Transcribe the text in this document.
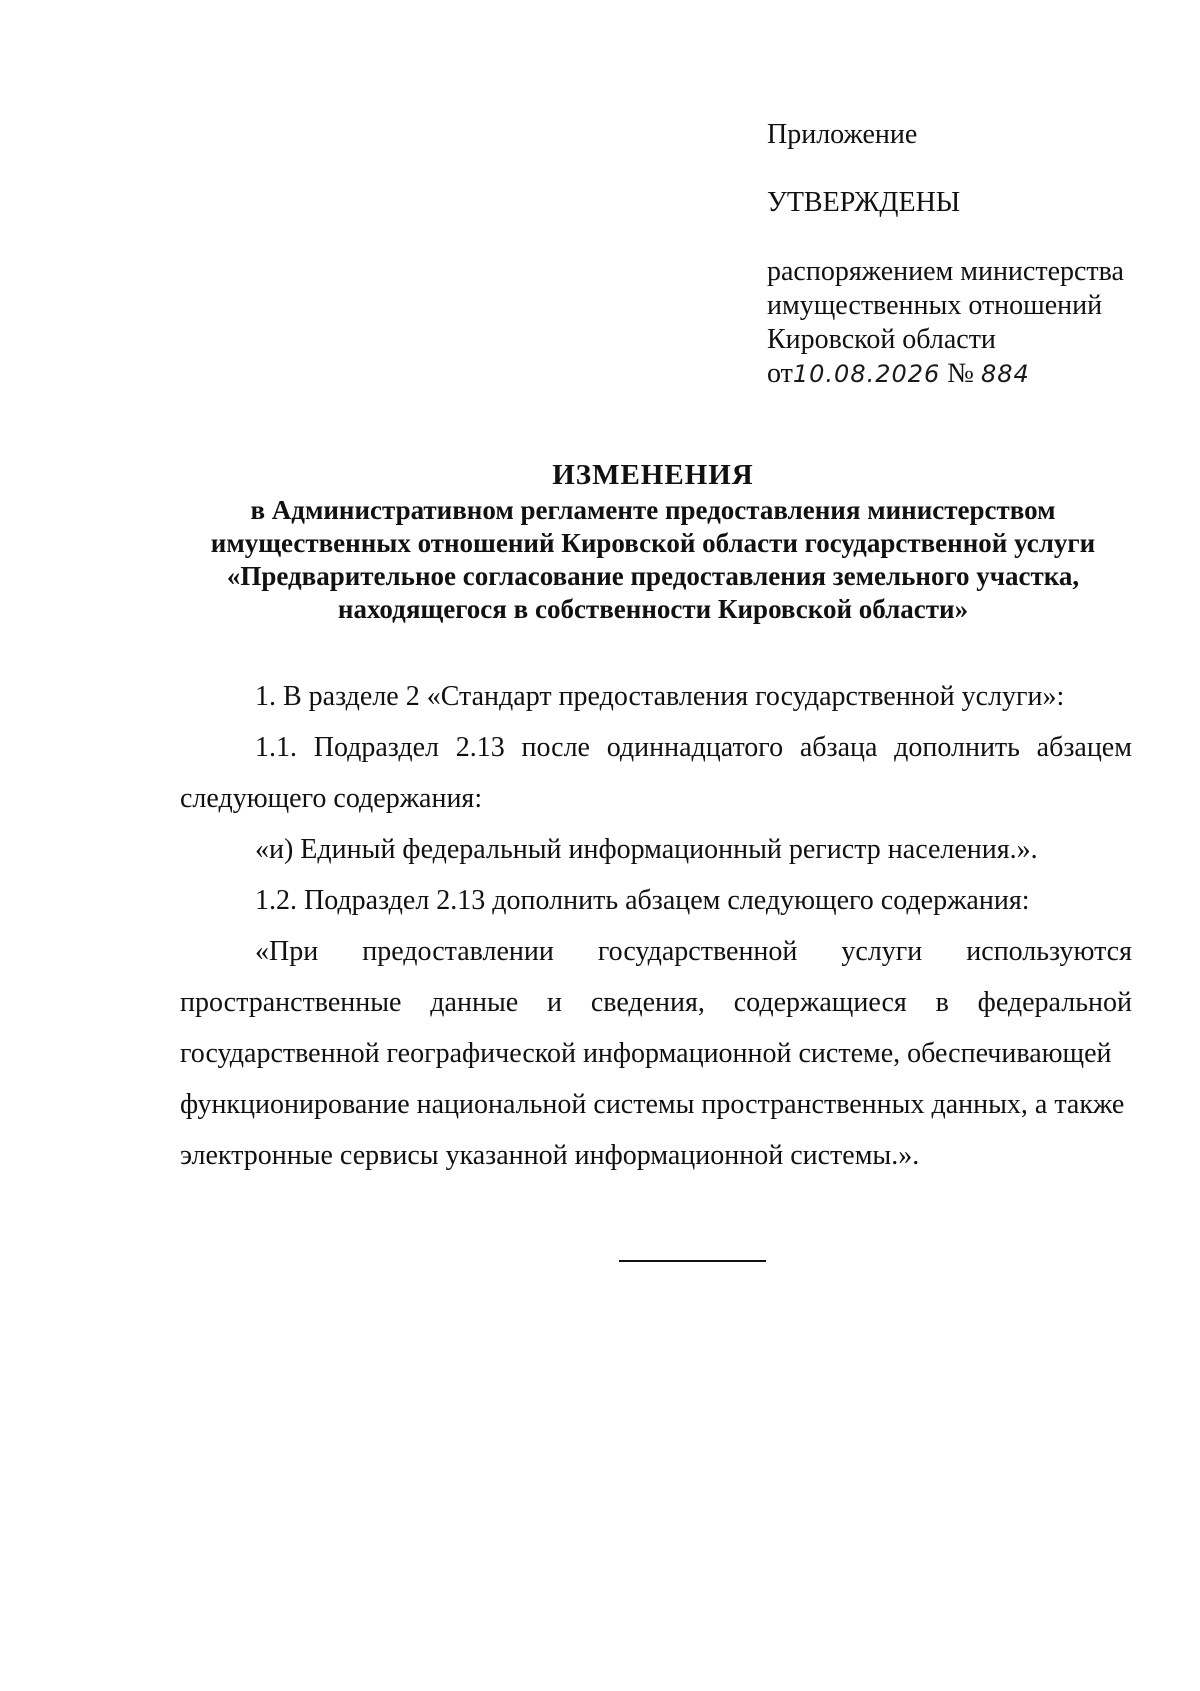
Приложение
УТВЕРЖДЕНЫ
распоряжением министерства
имущественных отношений
Кировской области
от10.08.2026 № 884
ИЗМЕНЕНИЯ
в Административном регламенте предоставления министерством
имущественных отношений Кировской области государственной услуги
«Предварительное согласование предоставления земельного участка,
находящегося в собственности Кировской области»
1. В разделе 2 «Стандарт предоставления государственной услуги»:
1.1. Подраздел 2.13 после одиннадцатого абзаца дополнить абзацем
следующего содержания:
«и) Единый федеральный информационный регистр населения.».
1.2. Подраздел 2.13 дополнить абзацем следующего содержания:
«При предоставлении государственной услуги используются
пространственные данные и сведения, содержащиеся в федеральной
государственной географической информационной системе, обеспечивающей
функционирование национальной системы пространственных данных, а также
электронные сервисы указанной информационной системы.».
